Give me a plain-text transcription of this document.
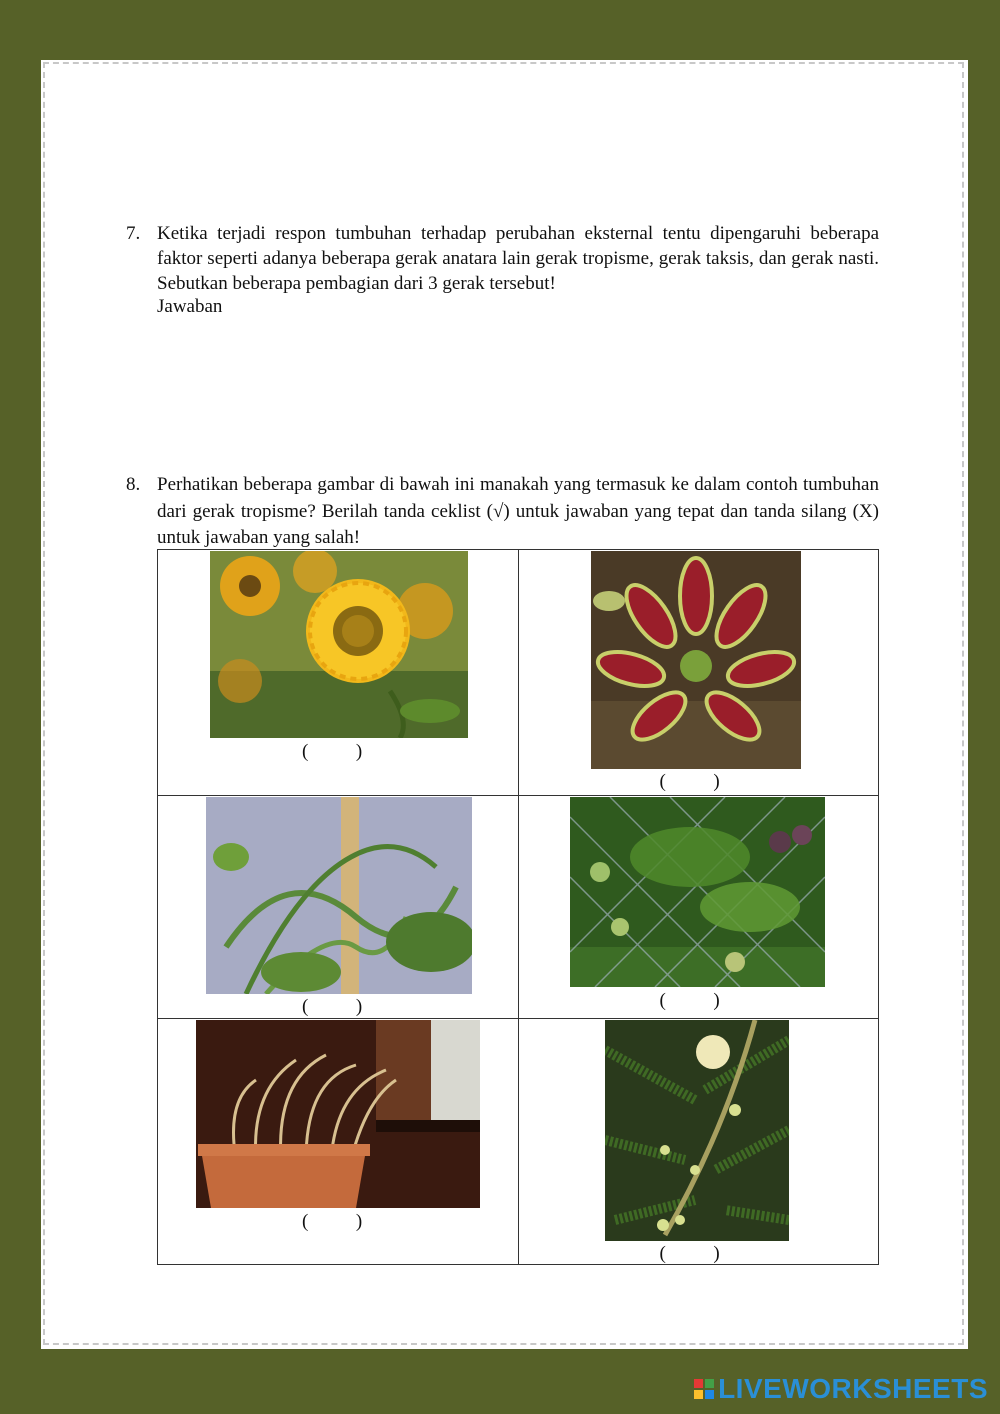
7. Ketika terjadi respon tumbuhan terhadap perubahan eksternal tentu dipengaruhi beberapa faktor seperti adanya beberapa gerak anatara lain gerak tropisme, gerak taksis, dan gerak nasti. Sebutkan beberapa pembagian dari 3 gerak tersebut!
Jawaban
8. Perhatikan beberapa gambar di bawah ini manakah yang termasuk ke dalam contoh tumbuhan dari gerak tropisme? Berilah tanda ceklist (√) untuk jawaban yang tepat dan tanda silang (X) untuk jawaban yang salah!
(          )	(          )

(          )	(          )

(          )	(          )
LIVEWORKSHEETS
